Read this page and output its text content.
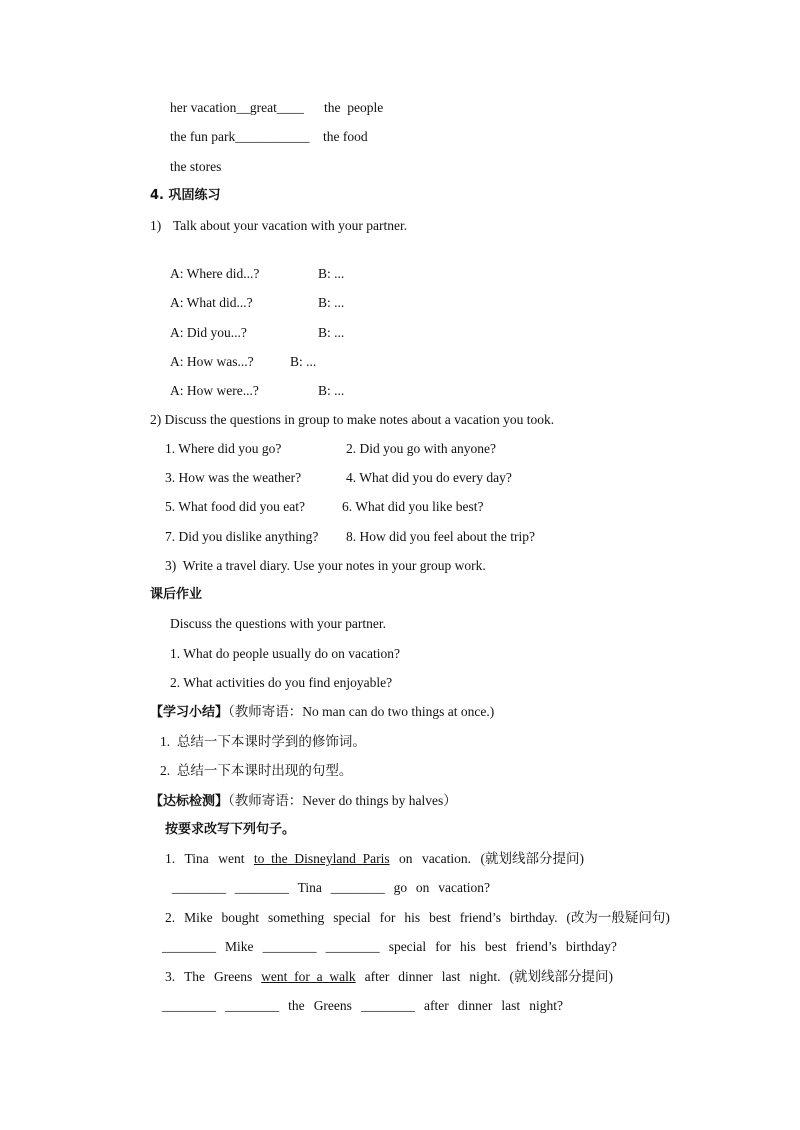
her vacation__great____ the  people
the fun park___________ the food
the stores
4. 巩固练习
1) Talk about your vacation with your partner.
A: Where did...?	B: ...
A: What did...?	B: ...
A: Did you...?	B: ...
A: How was...?	B: ...
A: How were...?	B: ...
2) Discuss the questions in group to make notes about a vacation you took.
1. Where did you go?	2. Did you go with anyone?
3. How was the weather?	4. What did you do every day?
5. What food did you eat?	6. What did you like best?
7. Did you dislike anything? 8. How did you feel about the trip?
3)  Write a travel diary. Use your notes in your group work.
课后作业
Discuss the questions with your partner.
1. What do people usually do on vacation?
2. What activities do you find enjoyable?
【学习小结】（教师寄语：No man can do two things at once.)
1.  总结一下本课时学到的修饰词。
2.  总结一下本课时出现的句型。
【达标检测】（教师寄语：Never do things by halves）
按要求改写下列句子。
1. Tina went to the Disneyland Paris on vacation. (就划线部分提问)
________ ________ Tina ________ go on vacation?
2. Mike bought something special for his best friend’s birthday. (改为一般疑问句)
________ Mike ________ ________ special for his best friend’s birthday?
3. The Greens went for a walk after dinner last night. (就划线部分提问)
________ ________ the Greens ________ after dinner last night?
